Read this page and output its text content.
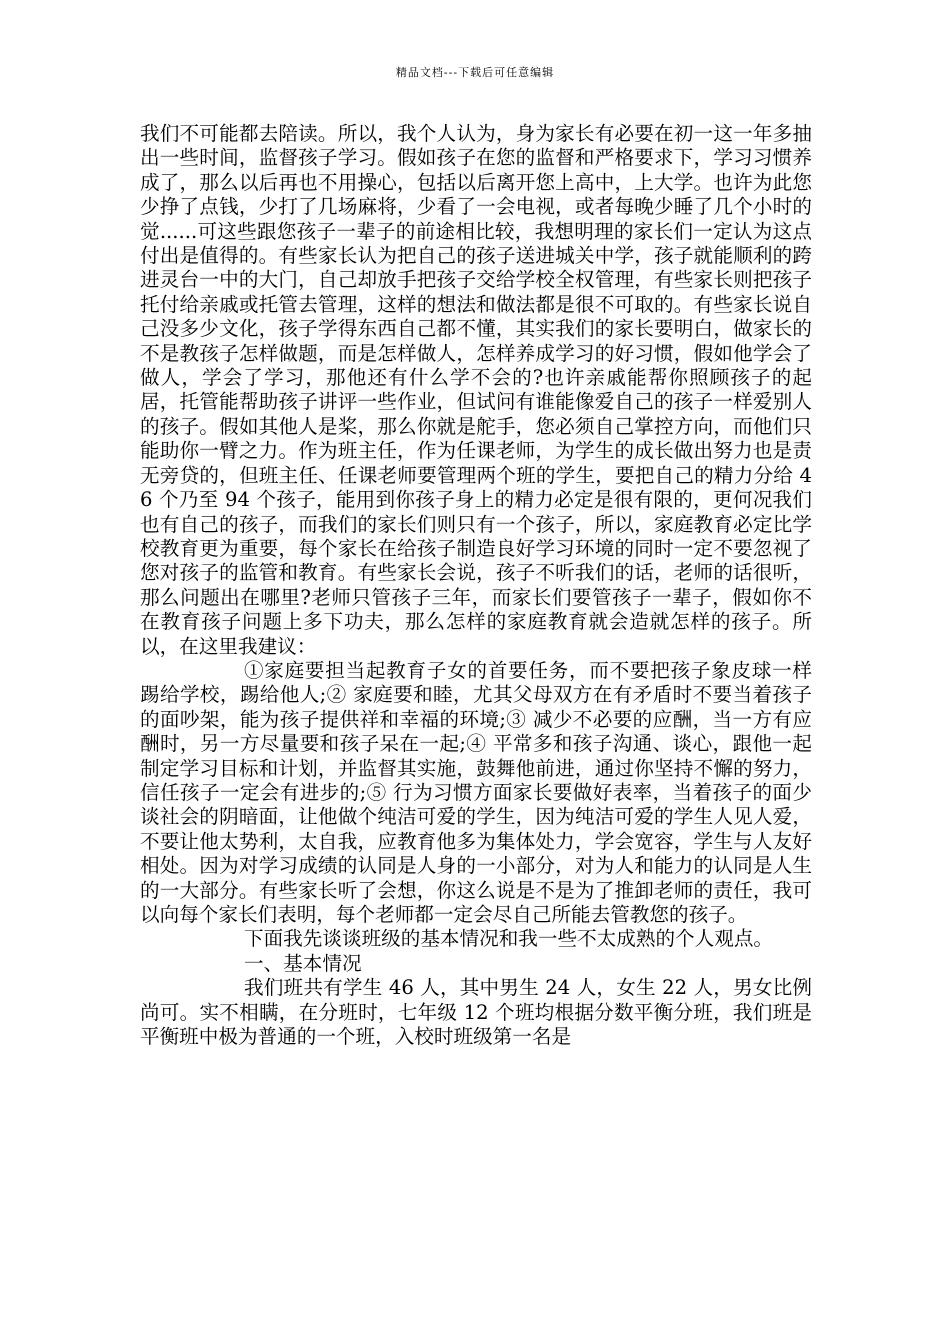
精品文档---下载后可任意编辑

我们不可能都去陪读。所以，我个人认为，身为家长有必要在初一这一年多抽出一些时间，监督孩子学习。假如孩子在您的监督和严格要求下，学习习惯养成了，那么以后再也不用操心，包括以后离开您上高中，上大学。也许为此您少挣了点钱，少打了几场麻将，少看了一会电视，或者每晚少睡了几个小时的觉......可这些跟您孩子一辈子的前途相比较，我想明理的家长们一定认为这点付出是值得的。有些家长认为把自己的孩子送进城关中学，孩子就能顺利的跨进灵台一中的大门，自己却放手把孩子交给学校全权管理，有些家长则把孩子托付给亲戚或托管去管理，这样的想法和做法都是很不可取的。有些家长说自己没多少文化，孩子学得东西自己都不懂，其实我们的家长要明白，做家长的不是教孩子怎样做题，而是怎样做人，怎样养成学习的好习惯，假如他学会了做人，学会了学习，那他还有什么学不会的?也许亲戚能帮你照顾孩子的起居，托管能帮助孩子讲评一些作业，但试问有谁能像爱自己的孩子一样爱别人的孩子。假如其他人是桨，那么你就是舵手，您必须自己掌控方向，而他们只能助你一臂之力。作为班主任，作为任课老师，为学生的成长做出努力也是责无旁贷的，但班主任、任课老师要管理两个班的学生，要把自己的精力分给 46 个乃至 94 个孩子，能用到你孩子身上的精力必定是很有限的，更何况我们也有自己的孩子，而我们的家长们则只有一个孩子，所以，家庭教育必定比学校教育更为重要，每个家长在给孩子制造良好学习环境的同时一定不要忽视了您对孩子的监管和教育。有些家长会说，孩子不听我们的话，老师的话很听，那么问题出在哪里?老师只管孩子三年，而家长们要管孩子一辈子，假如你不在教育孩子问题上多下功夫，那么怎样的家庭教育就会造就怎样的孩子。所以，在这里我建议：

①家庭要担当起教育子女的首要任务，而不要把孩子象皮球一样踢给学校，踢给他人;② 家庭要和睦，尤其父母双方在有矛盾时不要当着孩子的面吵架，能为孩子提供祥和幸福的环境;③ 减少不必要的应酬，当一方有应酬时，另一方尽量要和孩子呆在一起;④ 平常多和孩子沟通、谈心，跟他一起制定学习目标和计划，并监督其实施，鼓舞他前进，通过你坚持不懈的努力，信任孩子一定会有进步的;⑤ 行为习惯方面家长要做好表率，当着孩子的面少谈社会的阴暗面，让他做个纯洁可爱的学生，因为纯洁可爱的学生人见人爱，不要让他太势利，太自我，应教育他多为集体处力，学会宽容，学生与人友好相处。因为对学习成绩的认同是人身的一小部分，对为人和能力的认同是人生的一大部分。有些家长听了会想，你这么说是不是为了推卸老师的责任，我可以向每个家长们表明，每个老师都一定会尽自己所能去管教您的孩子。

下面我先谈谈班级的基本情况和我一些不太成熟的个人观点。

一、基本情况

我们班共有学生 46 人，其中男生 24 人，女生 22 人，男女比例尚可。实不相瞒，在分班时，七年级 12 个班均根据分数平衡分班，我们班是平衡班中极为普通的一个班，入校时班级第一名是
